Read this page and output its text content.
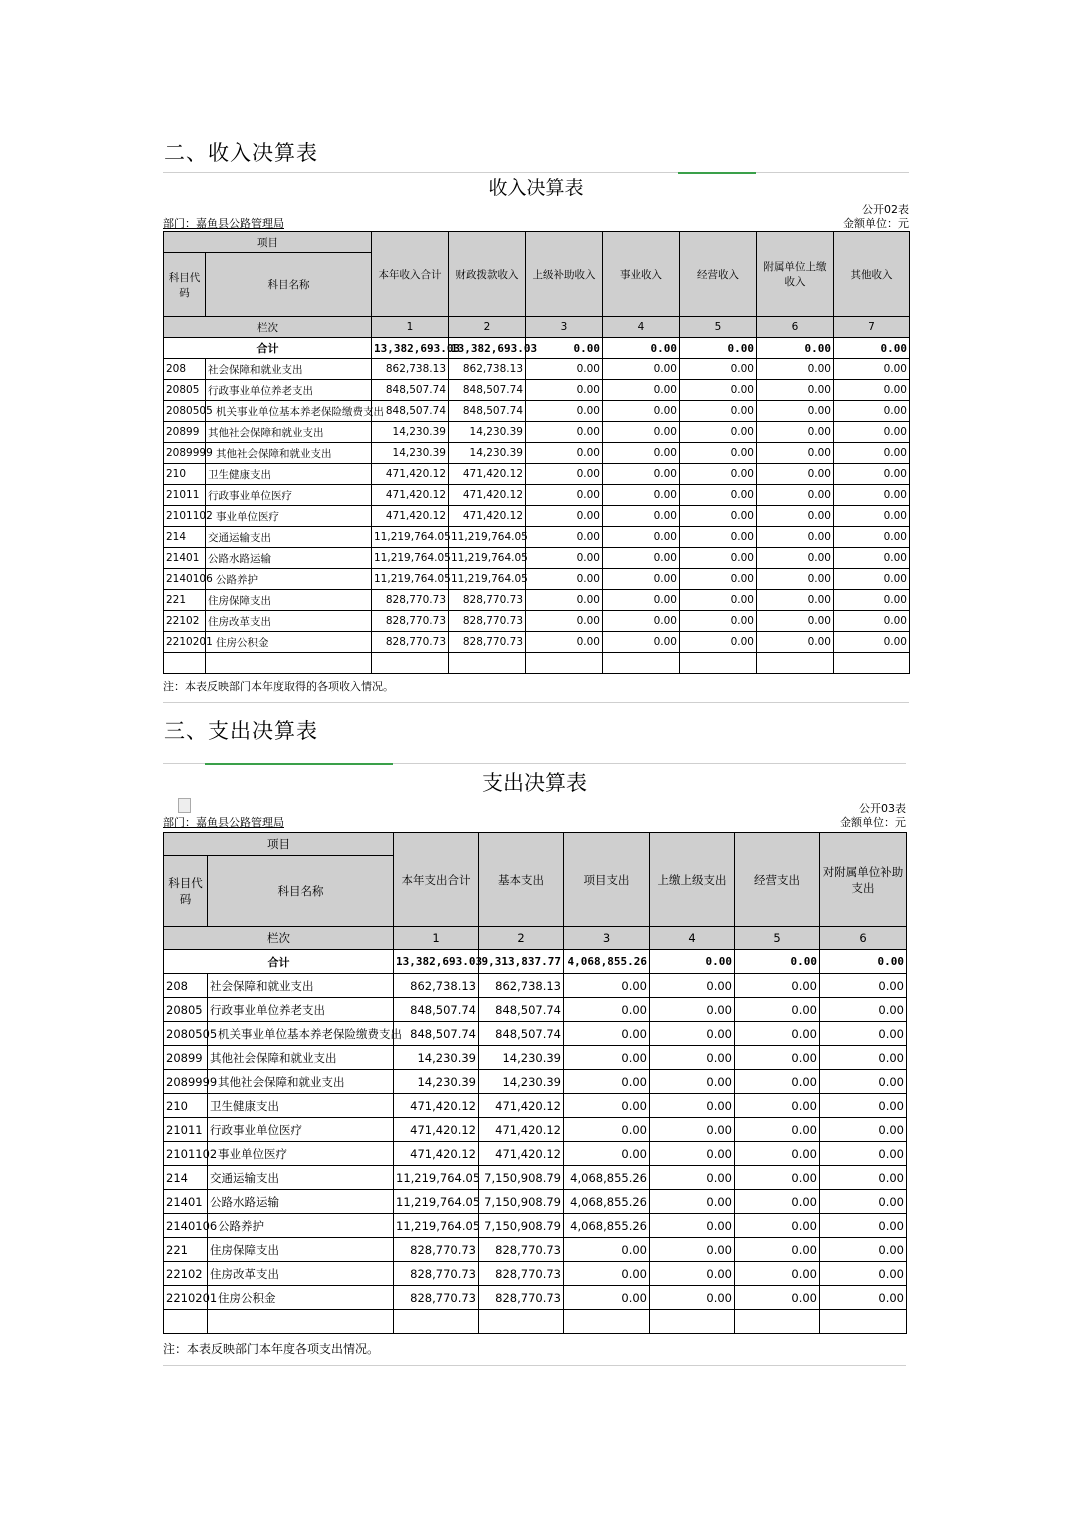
二、收入决算表
收入决算表
公开02表
部门：嘉鱼县公路管理局	金额单位：元
项目		本年收入合计	财政拨款收入	上级补助收入	事业收入	经营收入	附属单位上缴收入	其他收入
科目代码	科目名称							
栏次		1	2	3	4	5	6	7
合计		13,382,693.03	13,382,693.03	0.00	0.00	0.00	0.00	0.00
208	社会保障和就业支出	862,738.13	862,738.13	0.00	0.00	0.00	0.00	0.00
20805	行政事业单位养老支出	848,507.74	848,507.74	0.00	0.00	0.00	0.00	0.00
2080505	机关事业单位基本养老保险缴费支出	848,507.74	848,507.74	0.00	0.00	0.00	0.00	0.00
20899	其他社会保障和就业支出	14,230.39	14,230.39	0.00	0.00	0.00	0.00	0.00
2089999	其他社会保障和就业支出	14,230.39	14,230.39	0.00	0.00	0.00	0.00	0.00
210	卫生健康支出	471,420.12	471,420.12	0.00	0.00	0.00	0.00	0.00
21011	行政事业单位医疗	471,420.12	471,420.12	0.00	0.00	0.00	0.00	0.00
2101102	事业单位医疗	471,420.12	471,420.12	0.00	0.00	0.00	0.00	0.00
214	交通运输支出	11,219,764.05	11,219,764.05	0.00	0.00	0.00	0.00	0.00
21401	公路水路运输	11,219,764.05	11,219,764.05	0.00	0.00	0.00	0.00	0.00
2140106	公路养护	11,219,764.05	11,219,764.05	0.00	0.00	0.00	0.00	0.00
221	住房保障支出	828,770.73	828,770.73	0.00	0.00	0.00	0.00	0.00
22102	住房改革支出	828,770.73	828,770.73	0.00	0.00	0.00	0.00	0.00
2210201	住房公积金	828,770.73	828,770.73	0.00	0.00	0.00	0.00	0.00

注：本表反映部门本年度取得的各项收入情况。
三、支出决算表
支出决算表
公开03表
部门：嘉鱼县公路管理局	金额单位：元
项目		本年支出合计	基本支出	项目支出	上缴上级支出	经营支出	对附属单位补助支出
科目代码	科目名称						
栏次		1	2	3	4	5	6
合计		13,382,693.03	9,313,837.77	4,068,855.26	0.00	0.00	0.00
208	社会保障和就业支出	862,738.13	862,738.13	0.00	0.00	0.00	0.00
20805	行政事业单位养老支出	848,507.74	848,507.74	0.00	0.00	0.00	0.00
2080505	机关事业单位基本养老保险缴费支出	848,507.74	848,507.74	0.00	0.00	0.00	0.00
20899	其他社会保障和就业支出	14,230.39	14,230.39	0.00	0.00	0.00	0.00
2089999	其他社会保障和就业支出	14,230.39	14,230.39	0.00	0.00	0.00	0.00
210	卫生健康支出	471,420.12	471,420.12	0.00	0.00	0.00	0.00
21011	行政事业单位医疗	471,420.12	471,420.12	0.00	0.00	0.00	0.00
2101102	事业单位医疗	471,420.12	471,420.12	0.00	0.00	0.00	0.00
214	交通运输支出	11,219,764.05	7,150,908.79	4,068,855.26	0.00	0.00	0.00
21401	公路水路运输	11,219,764.05	7,150,908.79	4,068,855.26	0.00	0.00	0.00
2140106	公路养护	11,219,764.05	7,150,908.79	4,068,855.26	0.00	0.00	0.00
221	住房保障支出	828,770.73	828,770.73	0.00	0.00	0.00	0.00
22102	住房改革支出	828,770.73	828,770.73	0.00	0.00	0.00	0.00
2210201	住房公积金	828,770.73	828,770.73	0.00	0.00	0.00	0.00

注：本表反映部门本年度各项支出情况。
